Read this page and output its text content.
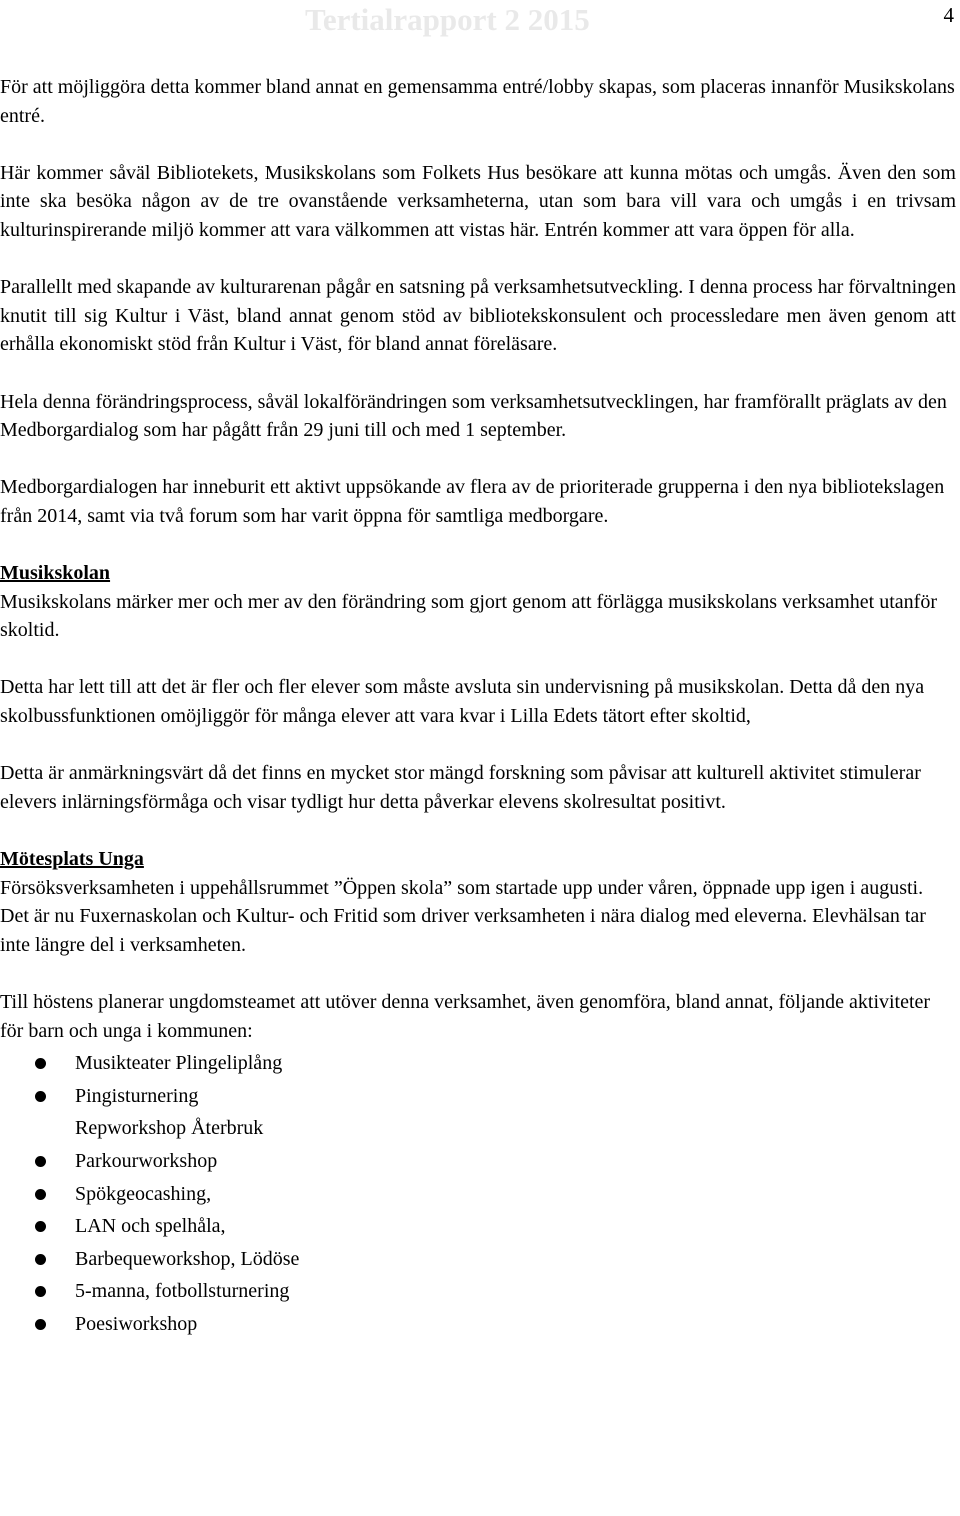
Tertialrapport 2 2015	4

För att möjliggöra detta kommer bland annat en gemensamma entré/lobby skapas, som placeras innanför Musikskolans entré.

Här kommer såväl Bibliotekets, Musikskolans som Folkets Hus besökare att kunna mötas och umgås. Även den som inte ska besöka någon av de tre ovanstående verksamheterna, utan som bara vill vara och umgås i en trivsam kulturinspirerande miljö kommer att vara välkommen att vistas här. Entrén kommer att vara öppen för alla.

Parallellt med skapande av kulturarenan pågår en satsning på verksamhetsutveckling. I denna process har förvaltningen knutit till sig Kultur i Väst, bland annat genom stöd av bibliotekskonsulent och processledare men även genom att erhålla ekonomiskt stöd från Kultur i Väst, för bland annat föreläsare.

Hela denna förändringsprocess, såväl lokalförändringen som verksamhetsutvecklingen, har framförallt präglats av den Medborgardialog som har pågått från 29 juni till och med 1 september.

Medborgardialogen har inneburit ett aktivt uppsökande av flera av de prioriterade grupperna i den nya bibliotekslagen från 2014, samt via två forum som har varit öppna för samtliga medborgare.

Musikskolan

Musikskolans märker mer och mer av den förändring som gjort genom att förlägga musikskolans verksamhet utanför skoltid.

Detta har lett till att det är fler och fler elever som måste avsluta sin undervisning på musikskolan. Detta då den nya skolbussfunktionen omöjliggör för många elever att vara kvar i Lilla Edets tätort efter skoltid,

Detta är anmärkningsvärt då det finns en mycket stor mängd forskning som påvisar att kulturell aktivitet stimulerar elevers inlärningsförmåga och visar tydligt hur detta påverkar elevens skolresultat positivt.

Mötesplats Unga

Försöksverksamheten i uppehållsrummet ”Öppen skola” som startade upp under våren, öppnade upp igen i augusti. Det är nu Fuxernaskolan och Kultur- och Fritid som driver verksamheten i nära dialog med eleverna. Elevhälsan tar inte längre del i verksamheten.

Till höstens planerar ungdomsteamet att utöver denna verksamhet, även genomföra, bland annat, följande aktiviteter för barn och unga i kommunen:

Musikteater Plingeliplång
Pingisturnering
Repworkshop Återbruk
Parkourworkshop
Spökgeocashing,
LAN och spelhåla,
Barbequeworkshop, Lödöse
5-manna, fotbollsturnering
Poesiworkshop
